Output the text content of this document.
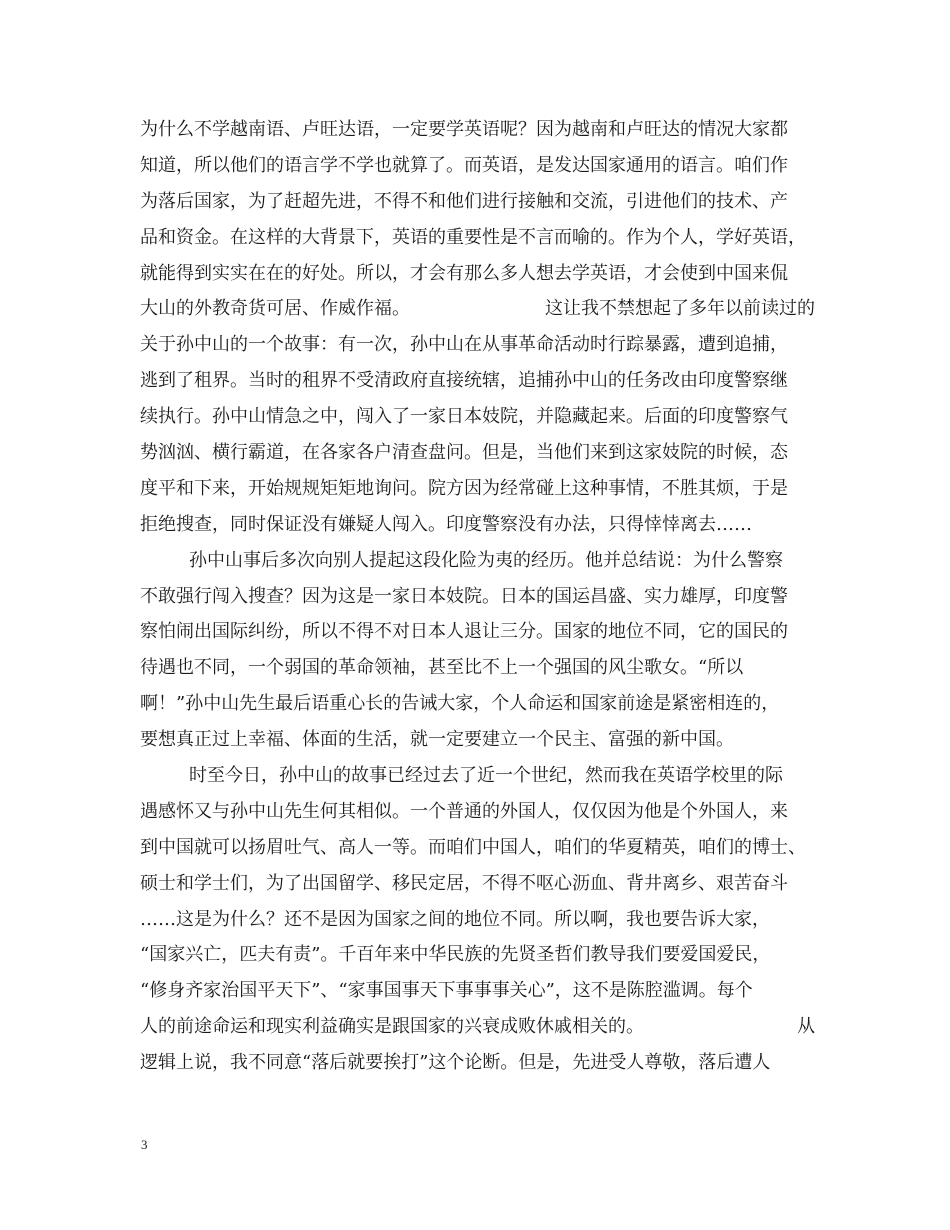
为什么不学越南语、卢旺达语，一定要学英语呢？因为越南和卢旺达的情况大家都
知道，所以他们的语言学不学也就算了。而英语，是发达国家通用的语言。咱们作
为落后国家，为了赶超先进，不得不和他们进行接触和交流，引进他们的技术、产
品和资金。在这样的大背景下，英语的重要性是不言而喻的。作为个人，学好英语，
就能得到实实在在的好处。所以，才会有那么多人想去学英语，才会使到中国来侃
大山的外教奇货可居、作威作福。	这让我不禁想起了多年以前读过的
关于孙中山的一个故事：有一次，孙中山在从事革命活动时行踪暴露，遭到追捕，
逃到了租界。当时的租界不受清政府直接统辖，追捕孙中山的任务改由印度警察继
续执行。孙中山情急之中，闯入了一家日本妓院，并隐藏起来。后面的印度警察气
势汹汹、横行霸道，在各家各户清查盘问。但是，当他们来到这家妓院的时候，态
度平和下来，开始规规矩矩地询问。院方因为经常碰上这种事情，不胜其烦，于是
拒绝搜查，同时保证没有嫌疑人闯入。印度警察没有办法，只得悻悻离去……
孙中山事后多次向别人提起这段化险为夷的经历。他并总结说：为什么警察
不敢强行闯入搜查？因为这是一家日本妓院。日本的国运昌盛、实力雄厚，印度警
察怕闹出国际纠纷，所以不得不对日本人退让三分。国家的地位不同，它的国民的
待遇也不同，一个弱国的革命领袖，甚至比不上一个强国的风尘歌女。“所以
啊！”孙中山先生最后语重心长的告诫大家，个人命运和国家前途是紧密相连的，
要想真正过上幸福、体面的生活，就一定要建立一个民主、富强的新中国。
时至今日，孙中山的故事已经过去了近一个世纪，然而我在英语学校里的际
遇感怀又与孙中山先生何其相似。一个普通的外国人，仅仅因为他是个外国人，来
到中国就可以扬眉吐气、高人一等。而咱们中国人，咱们的华夏精英，咱们的博士、
硕士和学士们，为了出国留学、移民定居，不得不呕心沥血、背井离乡、艰苦奋斗
……这是为什么？还不是因为国家之间的地位不同。所以啊，我也要告诉大家，
“国家兴亡，匹夫有责”。千百年来中华民族的先贤圣哲们教导我们要爱国爱民，
“修身齐家治国平天下”、“家事国事天下事事事关心”，这不是陈腔滥调。每个
人的前途命运和现实利益确实是跟国家的兴衰成败休戚相关的。	从
逻辑上说，我不同意“落后就要挨打”这个论断。但是，先进受人尊敬，落后遭人
3
